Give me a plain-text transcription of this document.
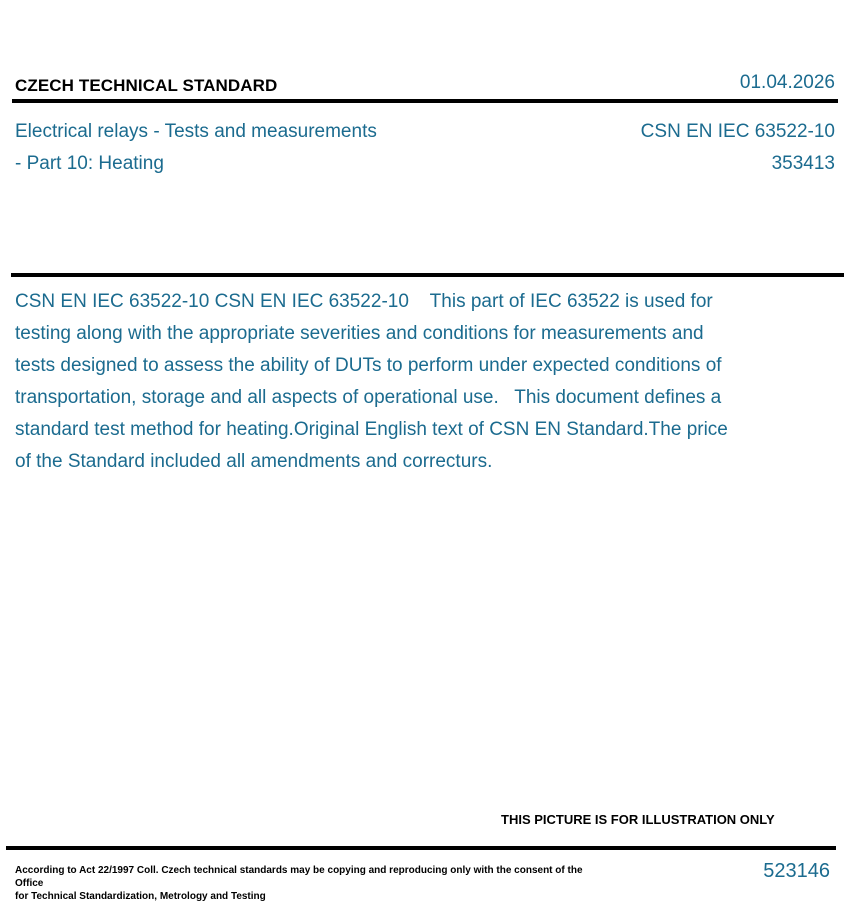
CZECH TECHNICAL STANDARD	01.04.2026
Electrical relays - Tests and measurements
- Part 10: Heating
CSN EN IEC 63522-10
353413
CSN EN IEC 63522-10 CSN EN IEC 63522-10    This part of IEC 63522 is used for testing along with the appropriate severities and conditions for measurements and tests designed to assess the ability of DUTs to perform under expected conditions of transportation, storage and all aspects of operational use.   This document defines a standard test method for heating.Original English text of CSN EN Standard.The price of the Standard included all amendments and correcturs.
THIS PICTURE IS FOR ILLUSTRATION ONLY
According to Act 22/1997 Coll. Czech technical standards may be copying and reproducing only with the consent of the Office
for Technical Standardization, Metrology and Testing
523146
